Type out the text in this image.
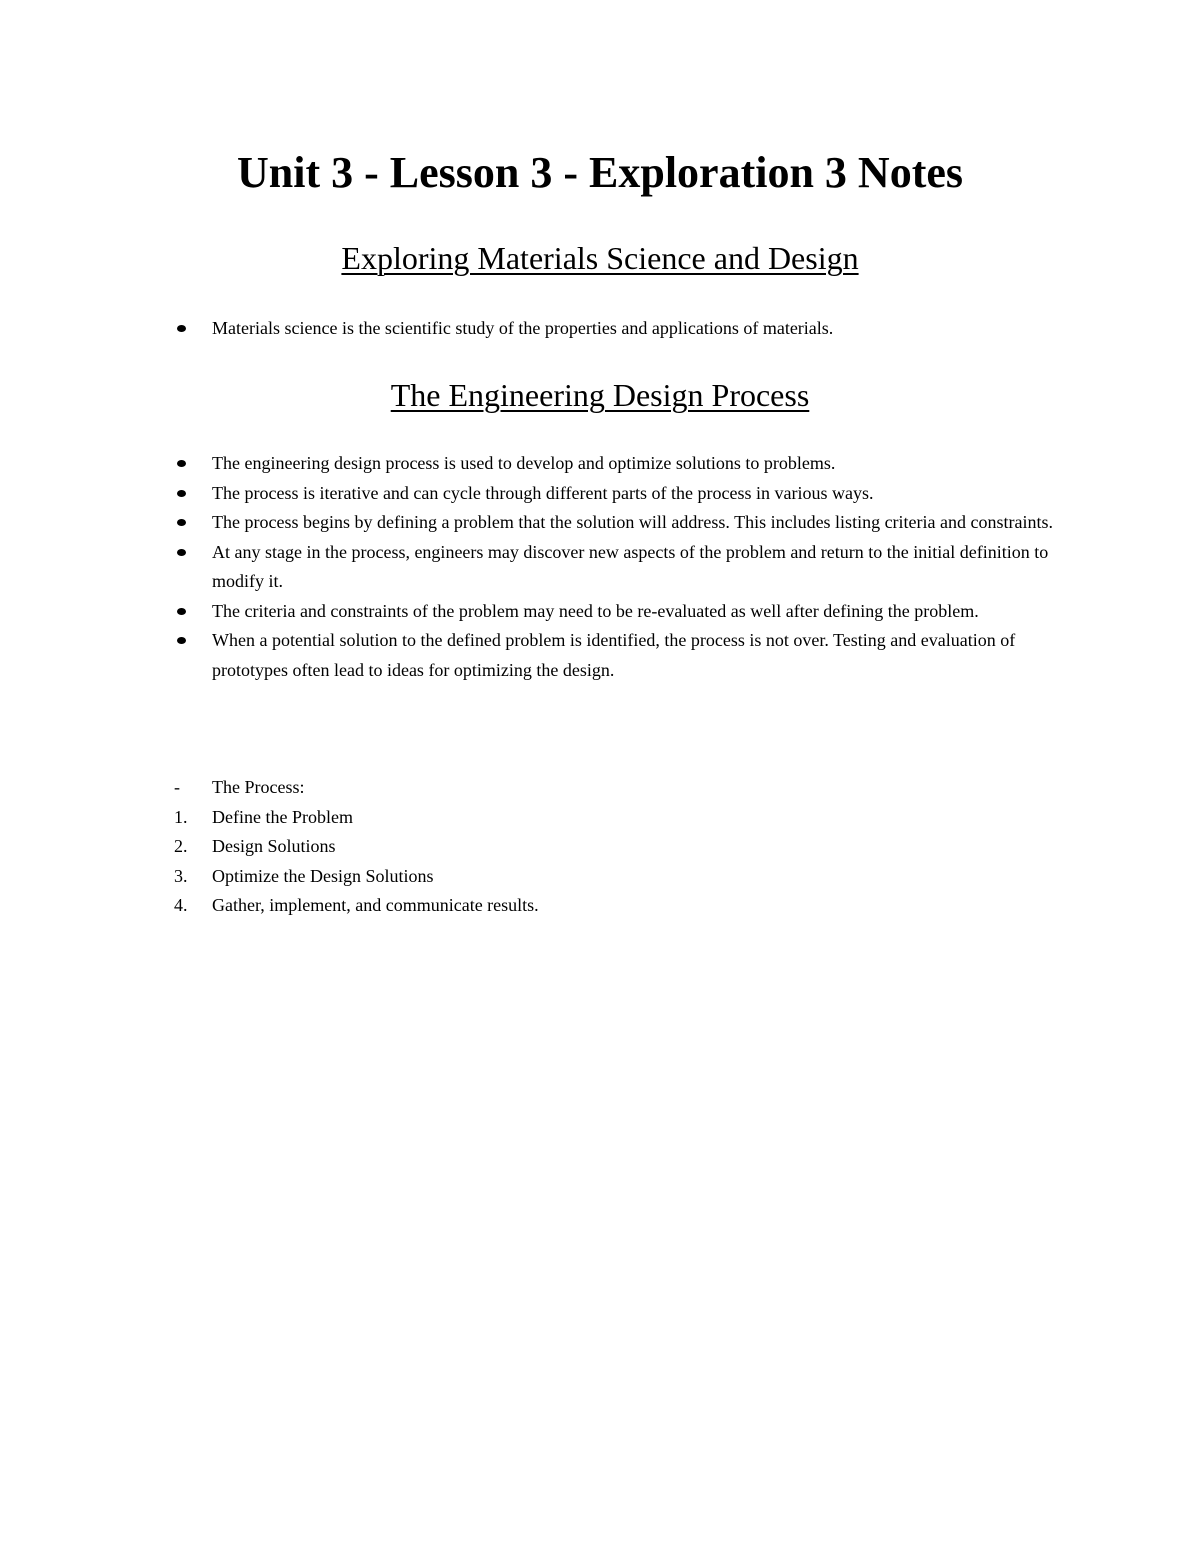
Unit 3 - Lesson 3 - Exploration 3 Notes
Exploring Materials Science and Design
Materials science is the scientific study of the properties and applications of materials.
The Engineering Design Process
The engineering design process is used to develop and optimize solutions to problems.
The process is iterative and can cycle through different parts of the process in various ways.
The process begins by defining a problem that the solution will address. This includes listing criteria and constraints.
At any stage in the process, engineers may discover new aspects of the problem and return to the initial definition to modify it.
The criteria and constraints of the problem may need to be re-evaluated as well after defining the problem.
When a potential solution to the defined problem is identified, the process is not over. Testing and evaluation of prototypes often lead to ideas for optimizing the design.
- The Process:
1. Define the Problem
2. Design Solutions
3. Optimize the Design Solutions
4. Gather, implement, and communicate results.
